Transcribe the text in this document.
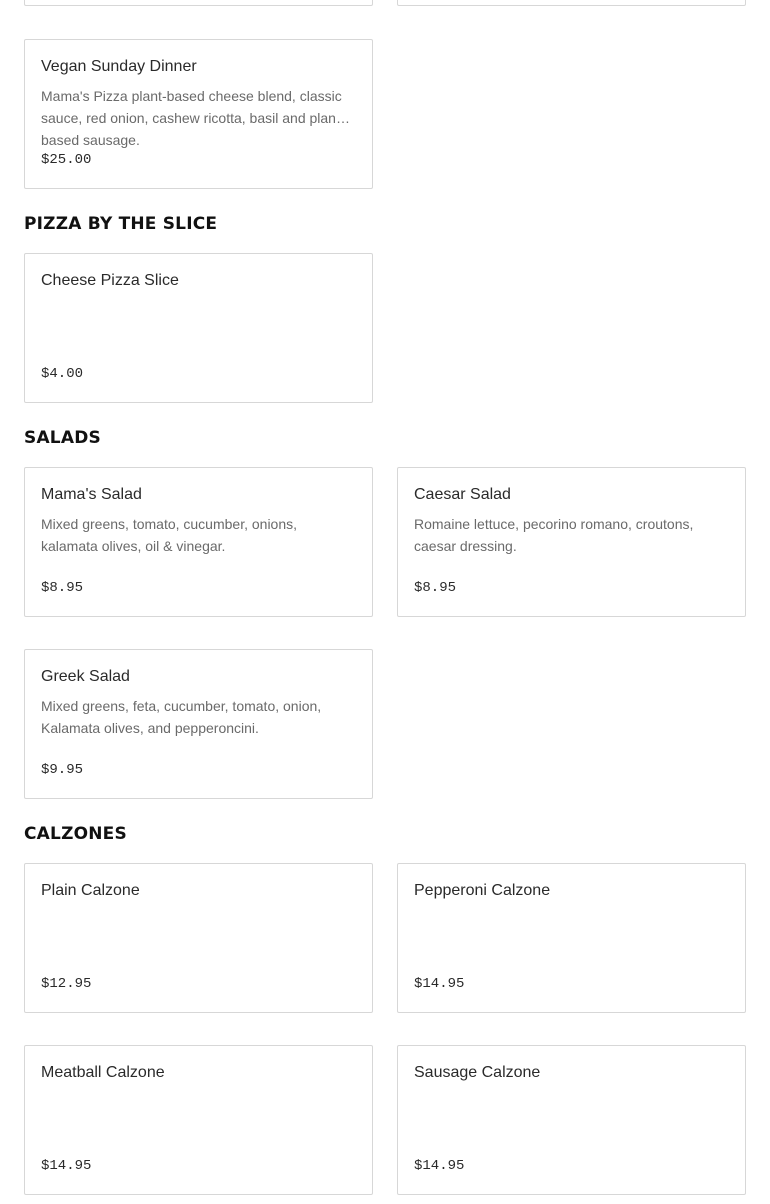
Vegan Sunday Dinner
Mama's Pizza plant-based cheese blend, classic sauce, red onion, cashew ricotta, basil and plant-based sausage.
$25.00
PIZZA BY THE SLICE
Cheese Pizza Slice
$4.00
SALADS
Mama's Salad
Mixed greens, tomato, cucumber, onions, kalamata olives, oil & vinegar.
$8.95
Caesar Salad
Romaine lettuce, pecorino romano, croutons, caesar dressing.
$8.95
Greek Salad
Mixed greens, feta, cucumber, tomato, onion, Kalamata olives, and pepperoncini.
$9.95
CALZONES
Plain Calzone
$12.95
Pepperoni Calzone
$14.95
Meatball Calzone
$14.95
Sausage Calzone
$14.95
